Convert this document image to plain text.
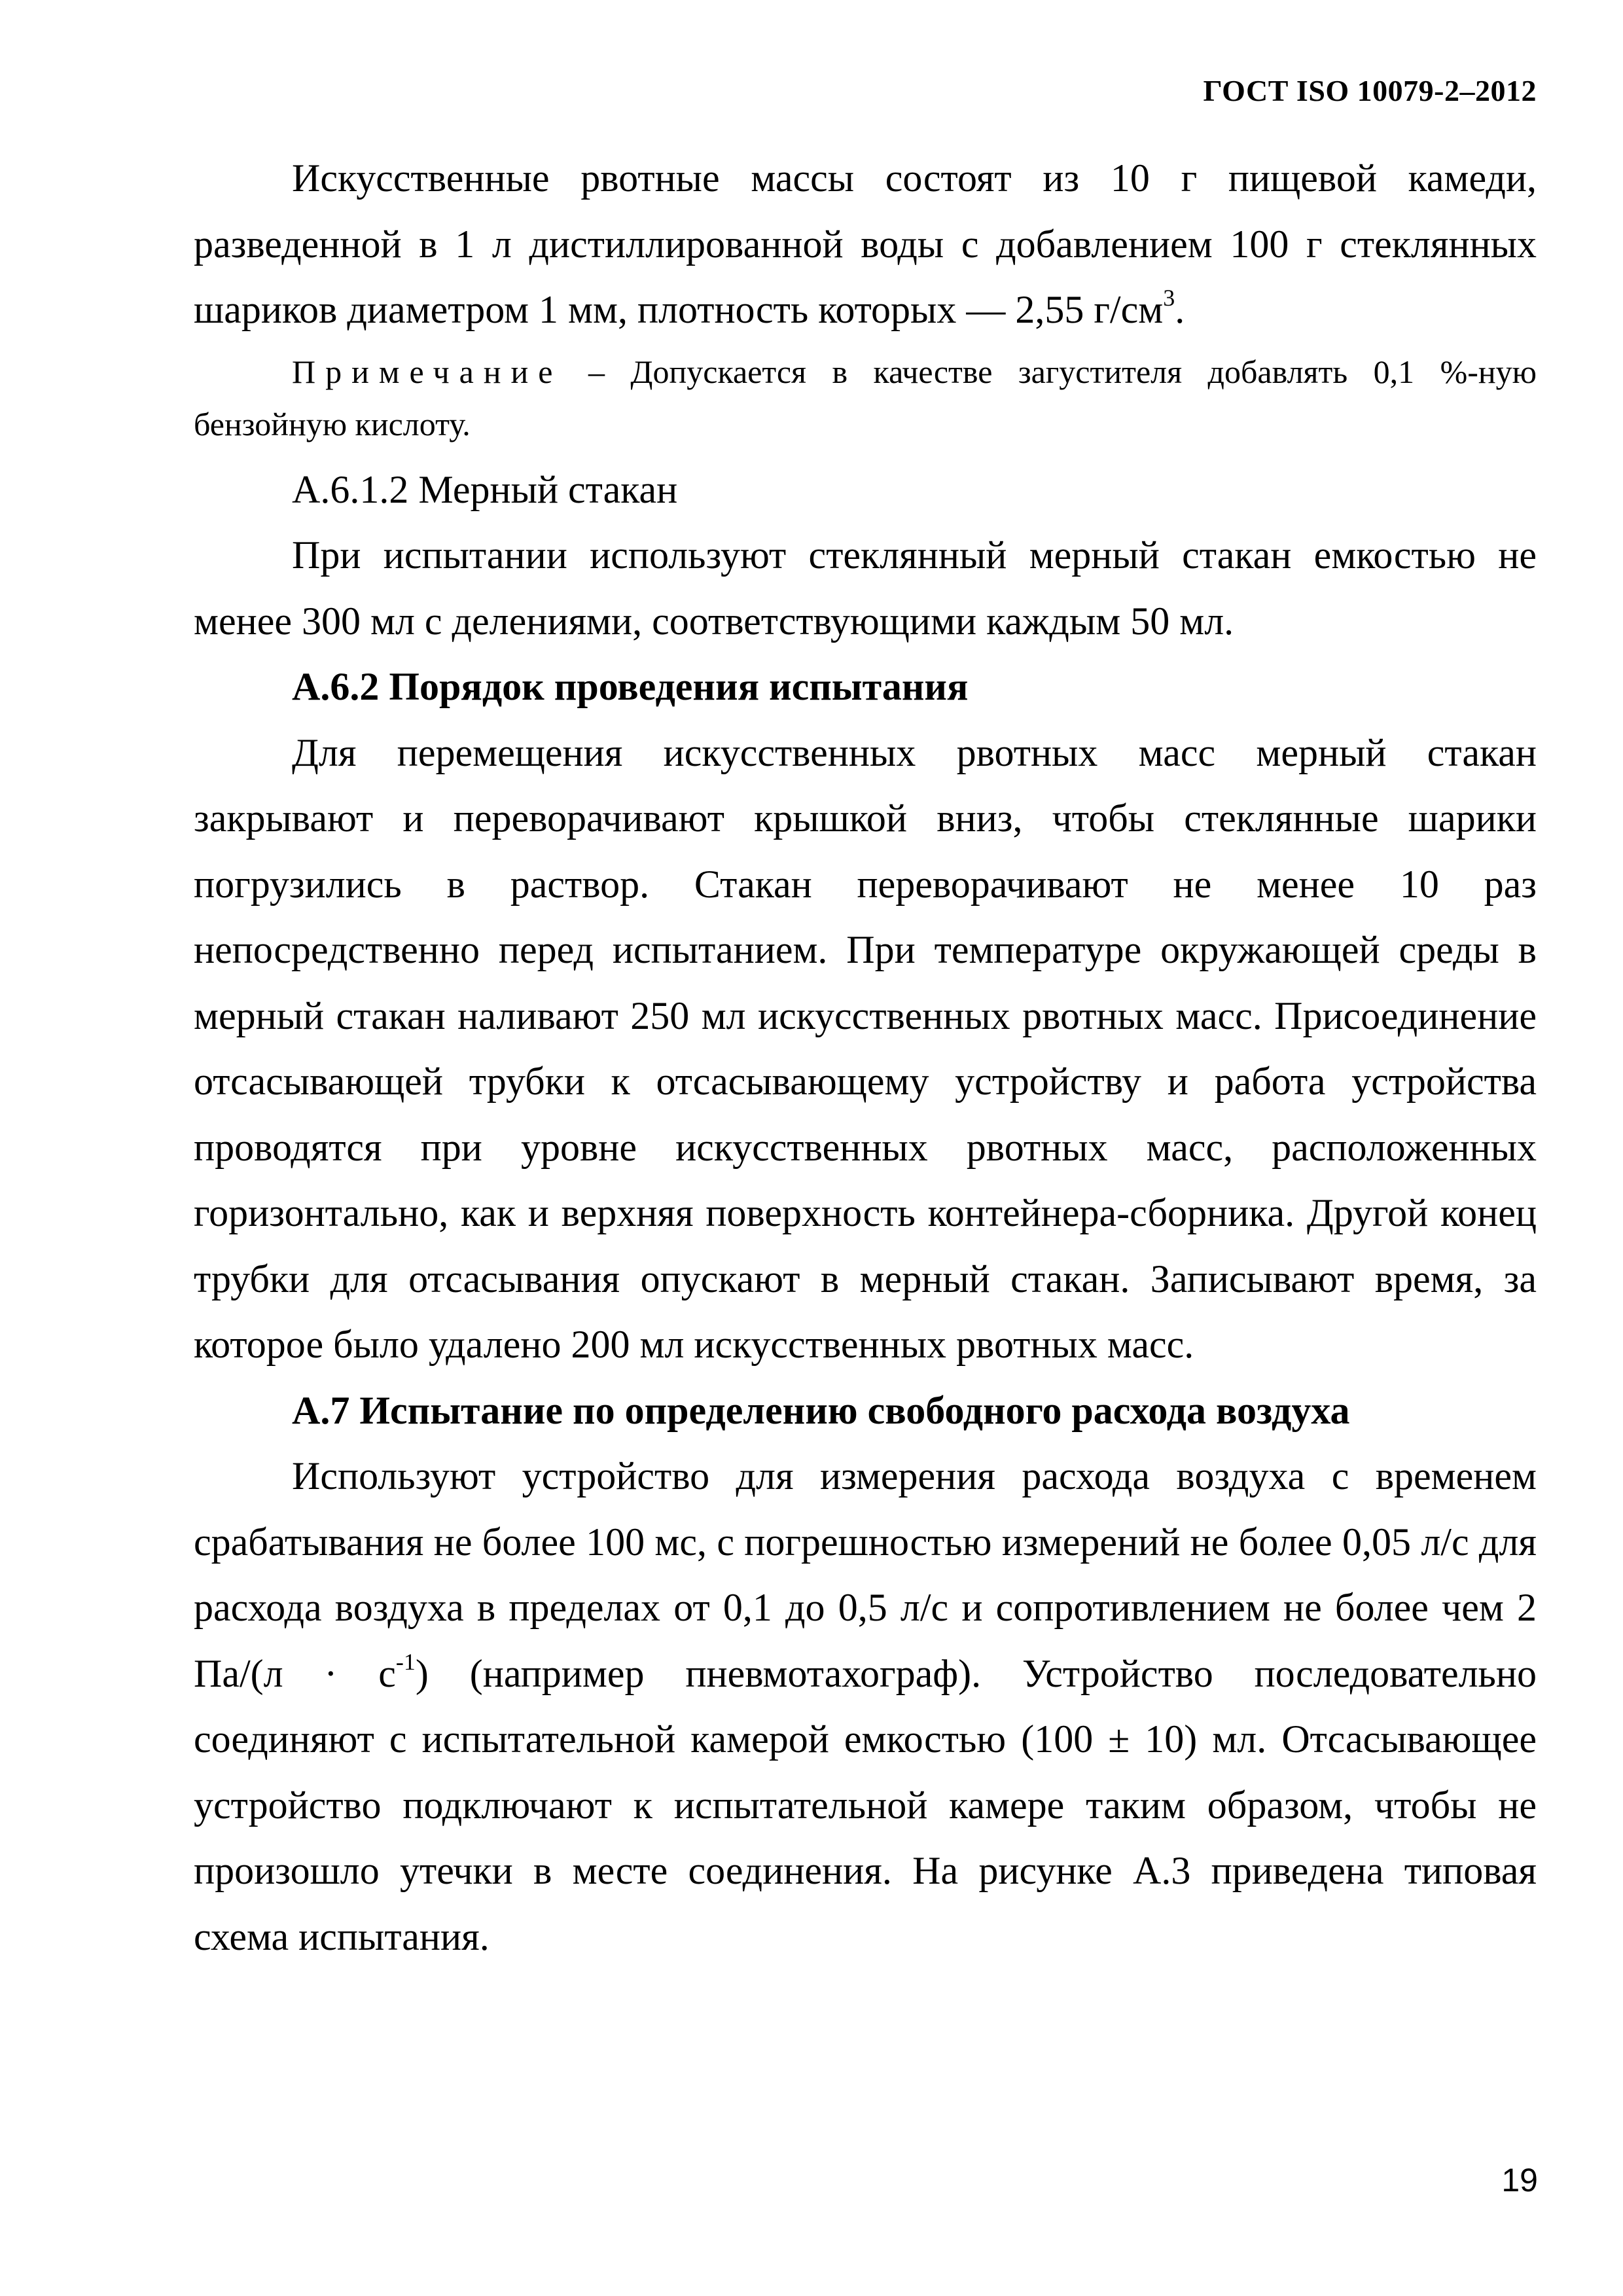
ГОСТ ISO 10079-2–2012

Искусственные рвотные массы состоят из 10 г пищевой камеди, разведенной в 1 л дистиллированной воды с добавлением 100 г стеклянных шариков диаметром 1 мм, плотность которых — 2,55 $г/см^3$.

Примечание – Допускается в качестве загустителя добавлять 0,1 %-ную бензойную кислоту.

А.6.1.2 Мерный стакан

При испытании используют стеклянный мерный стакан емкостью не менее 300 мл с делениями, соответствующими каждым 50 мл.

А.6.2 Порядок проведения испытания

Для перемещения искусственных рвотных масс мерный стакан закрывают и переворачивают крышкой вниз, чтобы стеклянные шарики погрузились в раствор. Стакан переворачивают не менее 10 раз непосредственно перед испытанием. При температуре окружающей среды в мерный стакан наливают 250 мл искусственных рвотных масс. Присоединение отсасывающей трубки к отсасывающему устройству и работа устройства проводятся при уровне искусственных рвотных масс, расположенных горизонтально, как и верхняя поверхность контейнера-сборника. Другой конец трубки для отсасывания опускают в мерный стакан. Записывают время, за которое было удалено 200 мл искусственных рвотных масс.

А.7 Испытание по определению свободного расхода воздуха

Используют устройство для измерения расхода воздуха с временем срабатывания не более 100 мс, с погрешностью измерений не более 0,05 л/с для расхода воздуха в пределах от 0,1 до 0,5 л/с и сопротивлением не более чем 2 $Па/(л \cdot с^{-1})$ (например пневмотахограф). Устройство последовательно соединяют с испытательной камерой емкостью (100 ± 10) мл. Отсасывающее устройство подключают к испытательной камере таким образом, чтобы не произошло утечки в месте соединения. На рисунке А.3 приведена типовая схема испытания.

19
